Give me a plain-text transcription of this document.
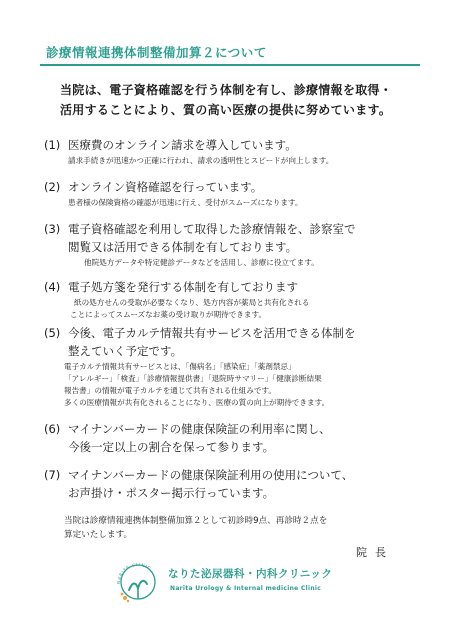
診療情報連携体制整備加算２について
当院は、電子資格確認を行う体制を有し、診療情報を取得・
活用することにより、質の高い医療の提供に努めています。
(1) 医療費のオンライン請求を導入しています。
請求手続きが迅速かつ正確に行われ、請求の透明性とスピードが向上します。
(2) オンライン資格確認を行っています。
患者様の保険資格の確認が迅速に行え、受付がスムーズになります。
(3) 電子資格確認を利用して取得した診療情報を、診察室で
閲覧又は活用できる体制を有しております。
他院処方データや特定健診データなどを活用し、診療に役立てます。
(4) 電子処方箋を発行する体制を有しております
紙の処方せんの受取が必要なくなり、処方内容が薬局と共有化される
ことによってスムーズなお薬の受け取りが期待できます。
(5) 今後、電子カルテ情報共有サービスを活用できる体制を
整えていく予定です。
電子カルテ情報共有サービスとは、「傷病名」「感染症」「薬剤禁忌」
「アレルギー」「検査」「診療情報提供書」「退院時サマリー」「健康診断結果
報告書」の情報が電子カルテを通じて共有される仕組みです。
多くの医療情報が共有化されることになり、医療の質の向上が期待できます。
(6) マイナンバーカードの健康保険証の利用率に関し、
今後一定以上の割合を保って参ります。
(7) マイナンバーカードの健康保険証利用の使用について、
お声掛け・ポスター掲示行っています。
当院は診療情報連携体制整備加算２として初診時9点、再診時２点を
算定いたします。
院長
NARITA CLINIC
なりた泌尿器科・内科クリニック
Narita Urology & Internal medicine Clinic
